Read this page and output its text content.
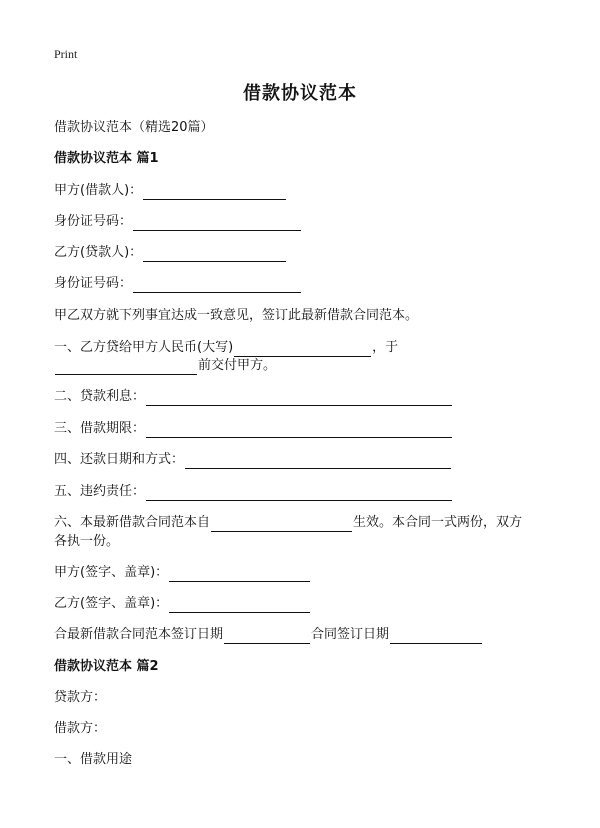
Print
借款协议范本
借款协议范本（精选20篇）
借款协议范本 篇1
甲方(借款人)：
身份证号码：
乙方(贷款人)：
身份证号码：
甲乙双方就下列事宜达成一致意见，签订此最新借款合同范本。
一、乙方贷给甲方人民币(大写)	，于
前交付甲方。
二、贷款利息：
三、借款期限：
四、还款日期和方式：
五、违约责任：
六、本最新借款合同范本自	生效。本合同一式两份，双方
各执一份。
甲方(签字、盖章)：
乙方(签字、盖章)：
合最新借款合同范本签订日期	合同签订日期
借款协议范本 篇2
贷款方：
借款方：
一、借款用途
